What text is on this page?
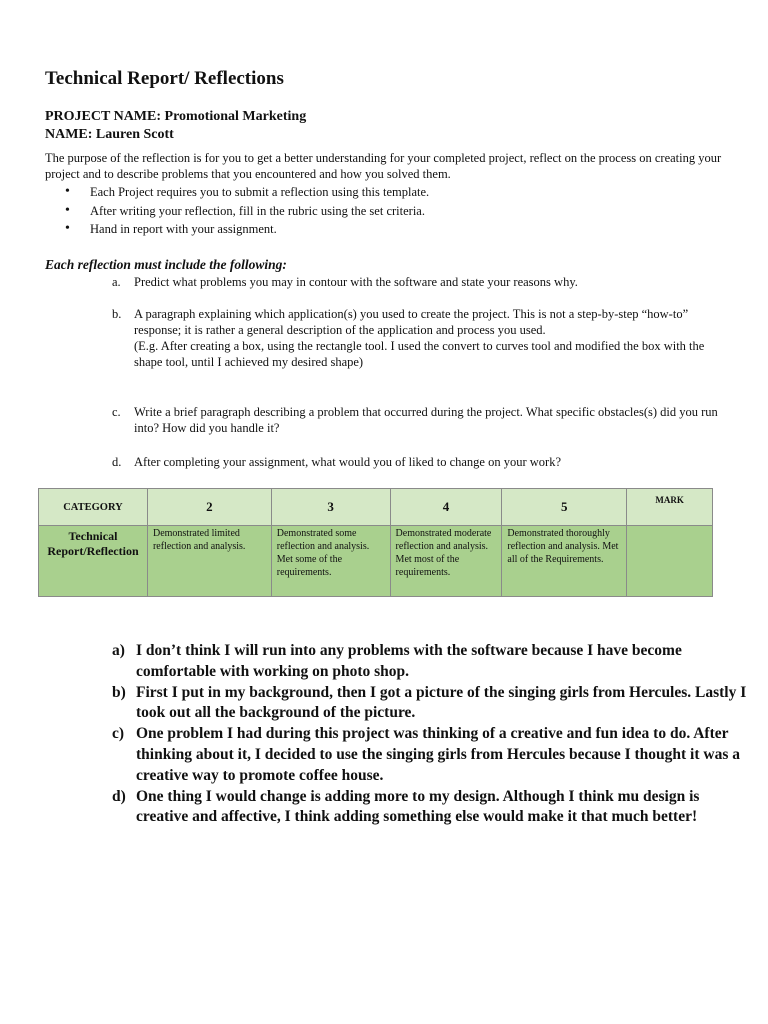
Technical Report/ Reflections
PROJECT NAME: Promotional Marketing
NAME: Lauren Scott
The purpose of the reflection is for you to get a better understanding for your completed project, reflect on the process on creating your project and to describe problems that you encountered and how you solved them.
• Each Project requires you to submit a reflection using this template.
• After writing your reflection, fill in the rubric using the set criteria.
• Hand in report with your assignment.
Each reflection must include the following:
a.	Predict what problems you may in contour with the software and state your reasons why.
b.	A paragraph explaining which application(s) you used to create the project. This is not a step-by-step “how-to” response; it is rather a general description of the application and process you used.
(E.g. After creating a box, using the rectangle tool. I used the convert to curves tool and modified the box with the shape tool, until I achieved my desired shape)
c.	Write a brief paragraph describing a problem that occurred during the project. What specific obstacles(s) did you run into? How did you handle it?
d.	After completing your assignment, what would you of liked to change on your work?
CATEGORY	2	3	4	5	MARK
Technical Report/Reflection	Demonstrated limited reflection and analysis.	Demonstrated some reflection and analysis. Met some of the requirements.	Demonstrated moderate reflection and analysis. Met most of the requirements.	Demonstrated thoroughly reflection and analysis. Met all of the Requirements.	
a) I don’t think I will run into any problems with the software because I have become comfortable with working on photo shop.
b) First I put in my background, then I got a picture of the singing girls from Hercules. Lastly I took out all the background of the picture.
c) One problem I had during this project was thinking of a creative and fun idea to do. After thinking about it, I decided to use the singing girls from Hercules because I thought it was a creative way to promote coffee house.
d) One thing I would change is adding more to my design. Although I think mu design is creative and affective, I think adding something else would make it that much better!
